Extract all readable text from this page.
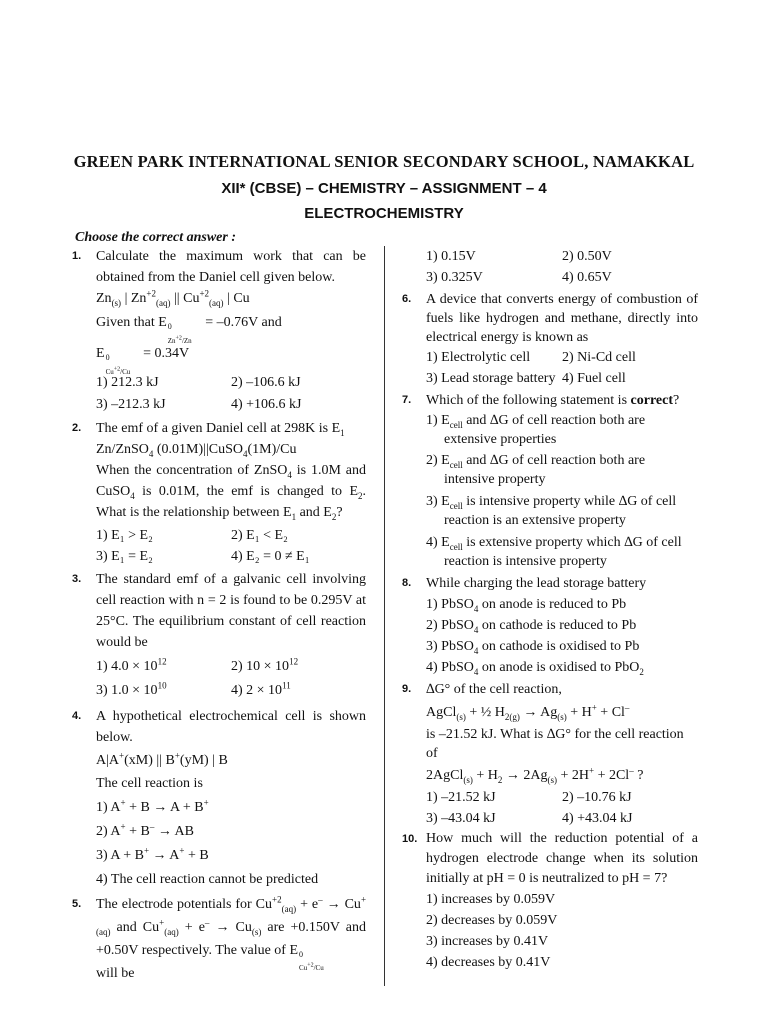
GREEN PARK INTERNATIONAL SENIOR SECONDARY SCHOOL, NAMAKKAL
XII* (CBSE) – CHEMISTRY – ASSIGNMENT – 4
ELECTROCHEMISTRY
Choose the correct answer :
1. Calculate the maximum work that can be obtained from the Daniel cell given below.
$Zn_{(s)}$ | $Zn^{+2}_{(aq)}$ || $Cu^{+2}_{(aq)}$ | Cu
Given that E 0
$Zn^{+2}/Zn$
= –0.76V and
E 0
$Cu^{+2}/Cu$
= 0.34V
1) 212.3 kJ	2) –106.6 kJ
3) –212.3 kJ	4) +106.6 kJ
2. The emf of a given Daniel cell at 298K is $E_1$
Zn/ZnSO$_4$ (0.01M)||CuSO$_4$(1M)/Cu
When the concentration of ZnSO$_4$ is 1.0M and CuSO$_4$ is 0.01M, the emf is changed to $E_2$. What is the relationship between $E_1$ and $E_2$?
1) E₁ > E₂	2) E₁ < E₂
3) E₁ = E₂	4) E₂ = 0 ≠ E₁
3. The standard emf of a galvanic cell involving cell reaction with n = 2 is found to be 0.295V at 25°C. The equilibrium constant of cell reaction would be
1) $4.0 \times 10^{12}$	2) $10 \times 10^{12}$
3) $1.0 \times 10^{10}$	4) $2 \times 10^{11}$
4. A hypothetical electrochemical cell is shown below.
A|A+(xM) || B+(yM) | B
The cell reaction is
1) A+ + B → A + B+
2) A+ + B– → AB
3) A + B+ → A+ + B
4) The cell reaction cannot be predicted
5. The electrode potentials for $Cu^{+2}_{(aq)} + e^- \to Cu^+_{(aq)}$ and $Cu^+_{(aq)} + e^- \to Cu_{(s)}$ are +0.150V and +0.50V respectively. The value of E 0
$Cu^{+2}/Cu$

will be
1) 0.15V	2) 0.50V
3) 0.325V	4) 0.65V
6. A device that converts energy of combustion of fuels like hydrogen and methane, directly into electrical energy is known as
1) Electrolytic cell	2) Ni-Cd cell
3) Lead storage battery 4) Fuel cell
7. Which of the following statement is correct?
1) $E_{cell}$ and ∆G of cell reaction both are extensive properties
2) $E_{cell}$ and ∆G of cell reaction both are intensive property
3) $E_{cell}$ is intensive property while ∆G of cell reaction is an extensive property
4) $E_{cell}$ is extensive property which ∆G of cell reaction is intensive property
8. While charging the lead storage battery
1) PbSO$_4$ on anode is reduced to Pb
2) PbSO$_4$ on cathode is reduced to Pb
3) PbSO$_4$ on cathode is oxidised to Pb
4) PbSO$_4$ on anode is oxidised to PbO$_2$
9. ∆G° of the cell reaction,
AgCl$_{(s)}$ + ½ $H_{2(g)} \to Ag_{(s)} + H^+ + Cl^-$
is –21.52 kJ. What is ∆G° for the cell reaction of
2AgCl$_{(s)}$ + $H_2 \to 2Ag_{(s)} + 2H^+ + 2Cl^-$ ?
1) –21.52 kJ	2) –10.76 kJ
3) –43.04 kJ	4) +43.04 kJ
10. How much will the reduction potential of a hydrogen electrode change when its solution initially at pH = 0 is neutralized to pH = 7?
1) increases by 0.059V
2) decreases by 0.059V
3) increases by 0.41V
4) decreases by 0.41V
